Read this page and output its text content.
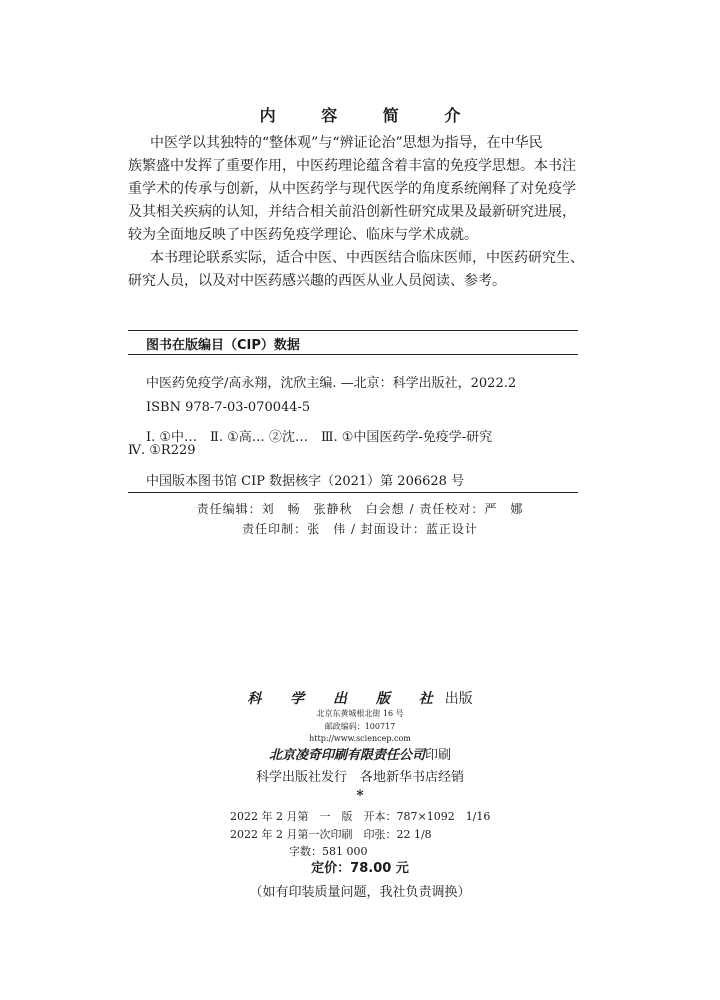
内 容 简 介
中医学以其独特的“整体观”与“辨证论治”思想为指导，在中华民
族繁盛中发挥了重要作用，中医药理论蕴含着丰富的免疫学思想。本书注
重学术的传承与创新，从中医药学与现代医学的角度系统阐释了对免疫学
及其相关疾病的认知，并结合相关前沿创新性研究成果及最新研究进展，
较为全面地反映了中医药免疫学理论、临床与学术成就。
本书理论联系实际，适合中医、中西医结合临床医师，中医药研究生、
研究人员，以及对中医药感兴趣的西医从业人员阅读、参考。
图书在版编目（CIP）数据
中医药免疫学/高永翔，沈欣主编. —北京：科学出版社，2022.2
ISBN 978-7-03-070044-5
Ⅰ. ①中…　Ⅱ. ①高… ②沈…　Ⅲ. ①中国医药学-免疫学-研究
Ⅳ. ①R229
中国版本图书馆 CIP 数据核字（2021）第 206628 号
责任编辑：刘　畅　张静秋　白会想 / 责任校对：严　娜
责任印制：张　伟 / 封面设计：蓝正设计
科 学 出 版 社出版
北京东黄城根北街 16 号
邮政编码：100717
http://www.sciencep.com
北京凌奇印刷有限责任公司印刷
科学出版社发行　各地新华书店经销
*
2022 年 2 月第　一　版　开本：787×1092　1/16
2022 年 2 月第一次印刷　印张：22 1/8
字数：581 000
定价：78.00 元
（如有印装质量问题，我社负责调换）
